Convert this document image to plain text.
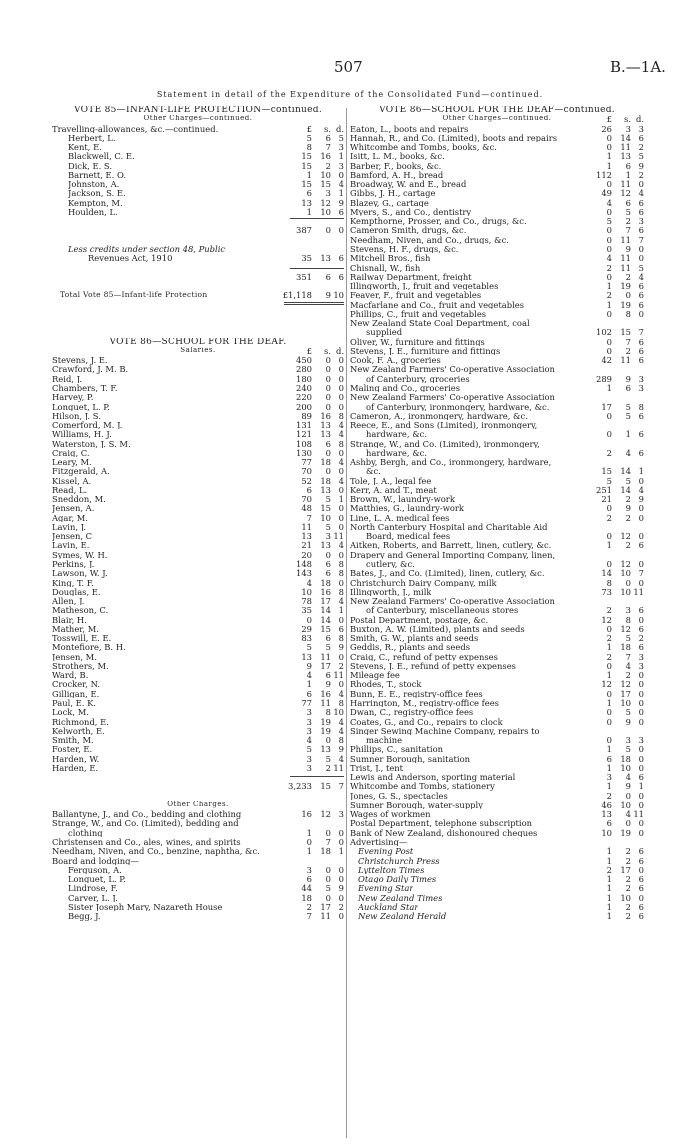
507	B.—1A.
Statement in detail of the Expenditure of the Consolidated Fund—continued.
VOTE 85—INFANT-LIFE PROTECTION—continued.
Other Charges—continued.
Travelling-allowances, &c.—continued.	£	s. d.
Herbert, L.	5	6 5
Kent, E.	8	7 3
Blackwell, C. E.	15 16 1
Dick, E. S.	15	2 3
Barnett, E. O.	1 10 0
Johnston, A.	15 15 4
Jackson, S. E.	6	3 1
Kempton, M.	13 12 9
Houlden, L.	1 10 6
387	0 0
Less credits under section 48, Public
Revenues Act, 1910	35 13 6
351	6 6
Total Vote 85—Infant-life Protection	£1,118	9 10
VOTE 86—SCHOOL FOR THE DEAF.
Salaries.	£	s. d.
Stevens, J. E.	450	0 0
Crawford, J. M. B.	280	0 0
Reid, J.	180	0 0
Chambers, T. F.	240	0 0
Harvey, P.	220	0 0
Longuet, L. P.	200	0 0
Hilson, J. S.	89 16 8
Comerford, M. J.	131 13 4
Williams, H. J.	121 13 4
Waterston, J. S. M.	108	6 8
Craig, C.	130	0 0
Leary, M.	77 18 4
Fitzgerald, A.	70	0 0
Kissel, A.	52 18 4
Read, L.	6 13 0
Sneddon, M.	70	5 1
Jensen, A.	48 15 0
Agar, M.	7 10 0
Lavin, J.	11	5 0
Jensen, C	13	3 11
Lavin, E.	21 13 4
Symes, W. H.	20	0 0
Perkins, J.	148	6 8
Lawson, W. J.	143	6 8
King, T. F.	4 18 0
Douglas, E.	10 16 8
Allen, J.	78 17 4
Matheson, C.	35 14 1
Blair, H.	0 14 0
Mather, M.	29 15 6
Tosswill, E. E.	83	6 8
Montefiore, B. H.	5	5 9
Jensen, M.	13 11 0
Strothers, M.	9 17 2
Ward, B.	4	6 11
Crocker, N.	1	9 0
Gilligan, E.	6 16 4
Paul, E. K.	77 11 8
Lock, M.	3	8 10
Richmond, E.	3 19 4
Kelworth, E.	3 19 4
Smith, M.	4	0 8
Foster, E.	5 13 9
Harden, W.	3	5 4
Harden, E.	3	2 11
3,233 15 7
Other Charges.
Ballantyne, J., and Co., bedding and clothing	16 12 3
Strange, W., and Co. (Limited), bedding and
clothing	1	0 0
Christensen and Co., ales, wines, and spirits	0	7 0
Needham, Niven, and Co., benzine, naphtha, &c.	1 18 1
Board and lodging—
Ferguson, A.	3	0 0
Longuet, L. P.	6	0 0
Lindrose, F.	44	5 9
Carver, L. J.	18	0 0
Sister Joseph Mary, Nazareth House	2 17 2
Begg, J.	7 11 0
VOTE 86—SCHOOL FOR THE DEAF—continued.
Other Charges—continued.	£	s. d.
Eaton, L., boots and repairs	26	3 3
Hannah, R., and Co. (Limited), boots and repairs	0 14 6
Whitcombe and Tombs, books, &c.	0 11 2
Isitt, L. M., books, &c.	1 13 5
Barber, F., books, &c.	1	6 9
Bamford, A. H., bread	112	1 2
Broadway, W. and E., bread	0 11 0
Gibbs, J. H., cartage	49 12 4
Blazey, G., cartage	4	6 6
Myers, S., and Co., dentistry	0	5 6
Kempthorne, Prosser, and Co., drugs, &c.	5	2 3
Cameron Smith, drugs, &c.	0	7 6
Needham, Niven, and Co., drugs, &c.	0 11 7
Stevens, H. F., drugs, &c.	0	9 0
Mitchell Bros., fish	4 11 0
Chisnall, W., fish	2 11 5
Railway Department, freight	0	2 4
Illingworth, J., fruit and vegetables	1 19 6
Feaver, F., fruit and vegetables	2	0 6
Macfarlane and Co., fruit and vegetables	1 19 6
Phillips, C., fruit and vegetables	0	8 0
New Zealand State Coal Department, coal
supplied	102 15 7
Oliver, W., furniture and fittings	0	7 6
Stevens, J. E., furniture and fittings	0	2 6
Cook, F. A., groceries	42 11 6
New Zealand Farmers' Co-operative Association
of Canterbury, groceries	289	9 3
Maling and Co., groceries	1	6 3
New Zealand Farmers' Co-operative Association
of Canterbury, ironmongery, hardware, &c.	17	5 8
Cameron, A., ironmongery, hardware, &c.	0	5 6
Reece, E., and Sons (Limited), ironmongery,
hardware, &c.	0	1 6
Strange, W., and Co. (Limited), ironmongery,
hardware, &c.	2	4 6
Ashby, Bergh, and Co., ironmongery, hardware,
&c.	15 14 1
Tole, J. A., legal fee	5	5 0
Kerr, A. and T., meat	251 14 4
Brown, W., laundry-work	21	2 9
Matthies, G., laundry-work	0	9 0
Line, L. A. medical fees	2	2 0
North Canterbury Hospital and Charitable Aid
Board, medical fees	0 12 0
Aitken, Roberts, and Barrett, linen, cutlery, &c.	1	2 6
Drapery and General Importing Company, linen,
cutlery, &c.	0 12 0
Bates, J., and Co. (Limited), linen, cutlery, &c.	14 10 7
Christchurch Dairy Company, milk	8	0 0
Illingworth, J., milk	73 10 11
New Zealand Farmers' Co-operative Association
of Canterbury, miscellaneous stores	2	3 6
Postal Department, postage, &c.	12	8 0
Buxton, A. W. (Limited), plants and seeds	0 12 6
Smith, G. W., plants and seeds	2	5 2
Geddis, R., plants and seeds	1 18 6
Craig, C., refund of petty expenses	2	7 3
Stevens, J. E., refund of petty expenses	0	4 3
Mileage fee	1	2 0
Rhodes, T., stock	12 12 0
Bunn, E. E., registry-office fees	0 17 0
Harrington, M., registry-office fees	1 10 0
Dwan, C., registry-office fees	0	5 0
Coates, G., and Co., repairs to clock	0	9 0
Singer Sewing Machine Company, repairs to
machine	0	3 3
Phillips, C., sanitation	1	5 0
Sumner Borough, sanitation	6 18 0
Trist, J., tent	1 10 0
Lewis and Anderson, sporting material	3	4 6
Whitcombe and Tombs, stationery	1	9 1
Jones, G. S., spectacles	2	0 0
Sumner Borough, water-supply	46 10 0
Wages of workmen	13	4 11
Postal Department, telephone subscription	6	0 0
Bank of New Zealand, dishonoured cheques	10 19 0
Advertising—
Evening Post	1	2 6
Christchurch Press	1	2 6
Lyttelton Times	2 17 0
Otago Daily Times	1	2 6
Evening Star	1	2 6
New Zealand Times	1 10 0
Auckland Star	1	2 6
New Zealand Herald	1	2 6
